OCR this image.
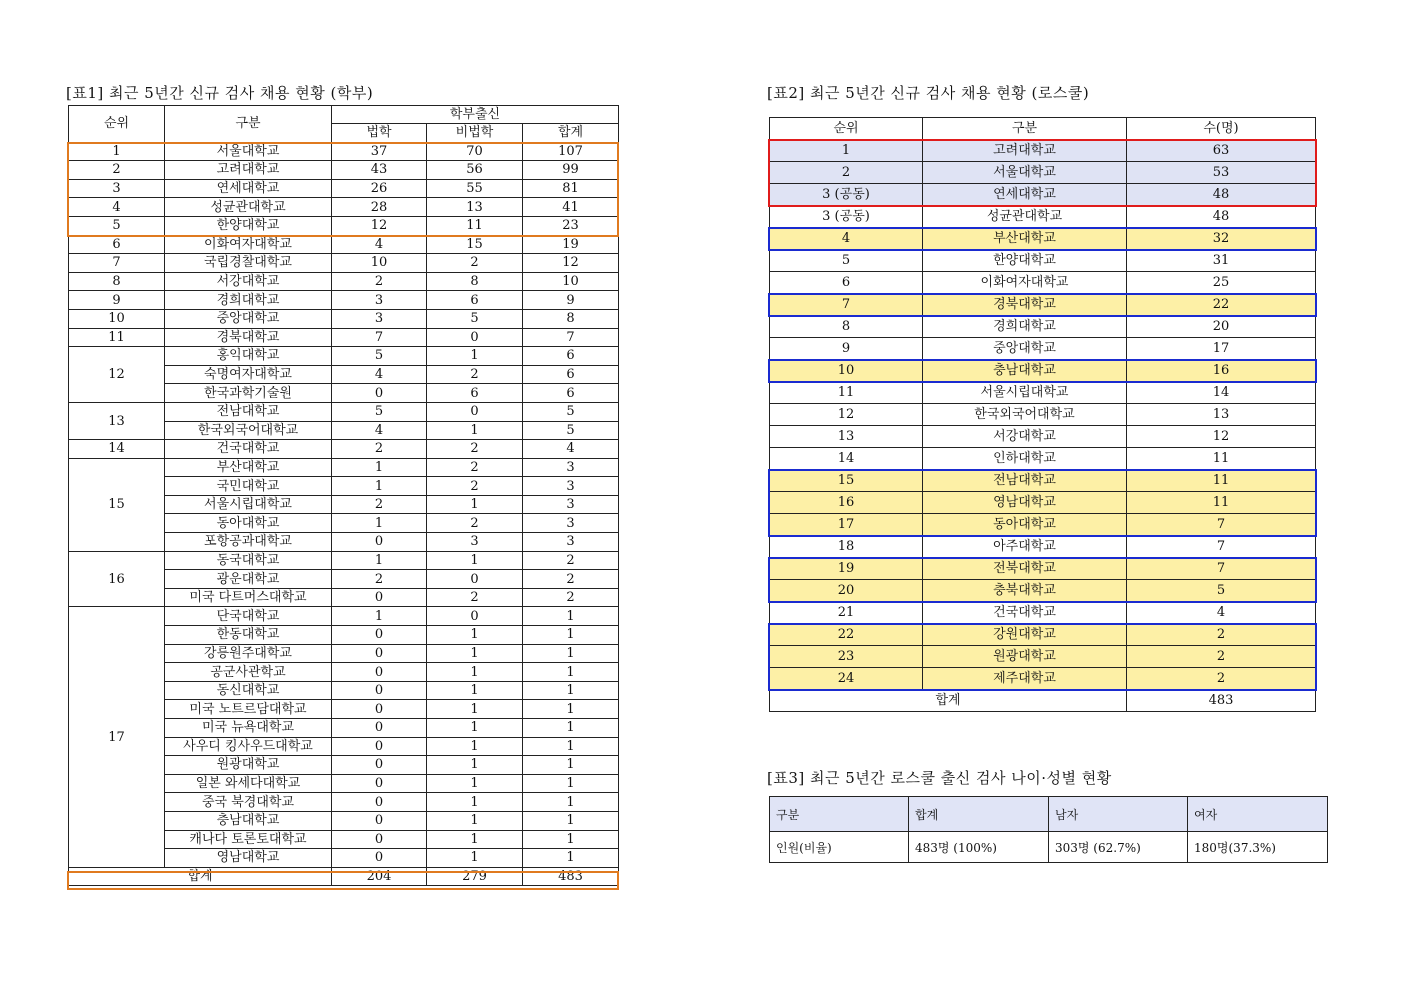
[표1] 최근 5년간 신규 검사 채용 현황 (학부)
순위	구분	학부출신		
		법학	비법학	합계
1	서울대학교	37	70	107
2	고려대학교	43	56	99
3	연세대학교	26	55	81
4	성균관대학교	28	13	41
5	한양대학교	12	11	23
6	이화여자대학교	4	15	19
7	국립경찰대학교	10	2	12
8	서강대학교	2	8	10
9	경희대학교	3	6	9
10	중앙대학교	3	5	8
11	경북대학교	7	0	7
12	홍익대학교	5	1	6
	숙명여자대학교	4	2	6
	한국과학기술원	0	6	6
13	전남대학교	5	0	5
	한국외국어대학교	4	1	5
14	건국대학교	2	2	4
15	부산대학교	1	2	3
	국민대학교	1	2	3
	서울시립대학교	2	1	3
	동아대학교	1	2	3
	포항공과대학교	0	3	3
16	동국대학교	1	1	2
	광운대학교	2	0	2
	미국 다트머스대학교	0	2	2
17	단국대학교	1	0	1
	한동대학교	0	1	1
	강릉원주대학교	0	1	1
	공군사관학교	0	1	1
	동신대학교	0	1	1
	미국 노트르담대학교	0	1	1
	미국 뉴욕대학교	0	1	1
	사우디 킹사우드대학교	0	1	1
	원광대학교	0	1	1
	일본 와세다대학교	0	1	1
	중국 북경대학교	0	1	1
	충남대학교	0	1	1
	캐나다 토론토대학교	0	1	1
	영남대학교	0	1	1
합계		204	279	483
[표2] 최근 5년간 신규 검사 채용 현황 (로스쿨)
순위	구분	수(명)
1	고려대학교	63
2	서울대학교	53
3 (공동)	연세대학교	48
3 (공동)	성균관대학교	48
4	부산대학교	32
5	한양대학교	31
6	이화여자대학교	25
7	경북대학교	22
8	경희대학교	20
9	중앙대학교	17
10	충남대학교	16
11	서울시립대학교	14
12	한국외국어대학교	13
13	서강대학교	12
14	인하대학교	11
15	전남대학교	11
16	영남대학교	11
17	동아대학교	7
18	아주대학교	7
19	전북대학교	7
20	충북대학교	5
21	건국대학교	4
22	강원대학교	2
23	원광대학교	2
24	제주대학교	2
합계		483
[표3] 최근 5년간 로스쿨 출신 검사 나이·성별 현황
구분	합계	남자	여자
인원(비율)	483명 (100%)	303명 (62.7%)	180명(37.3%)
